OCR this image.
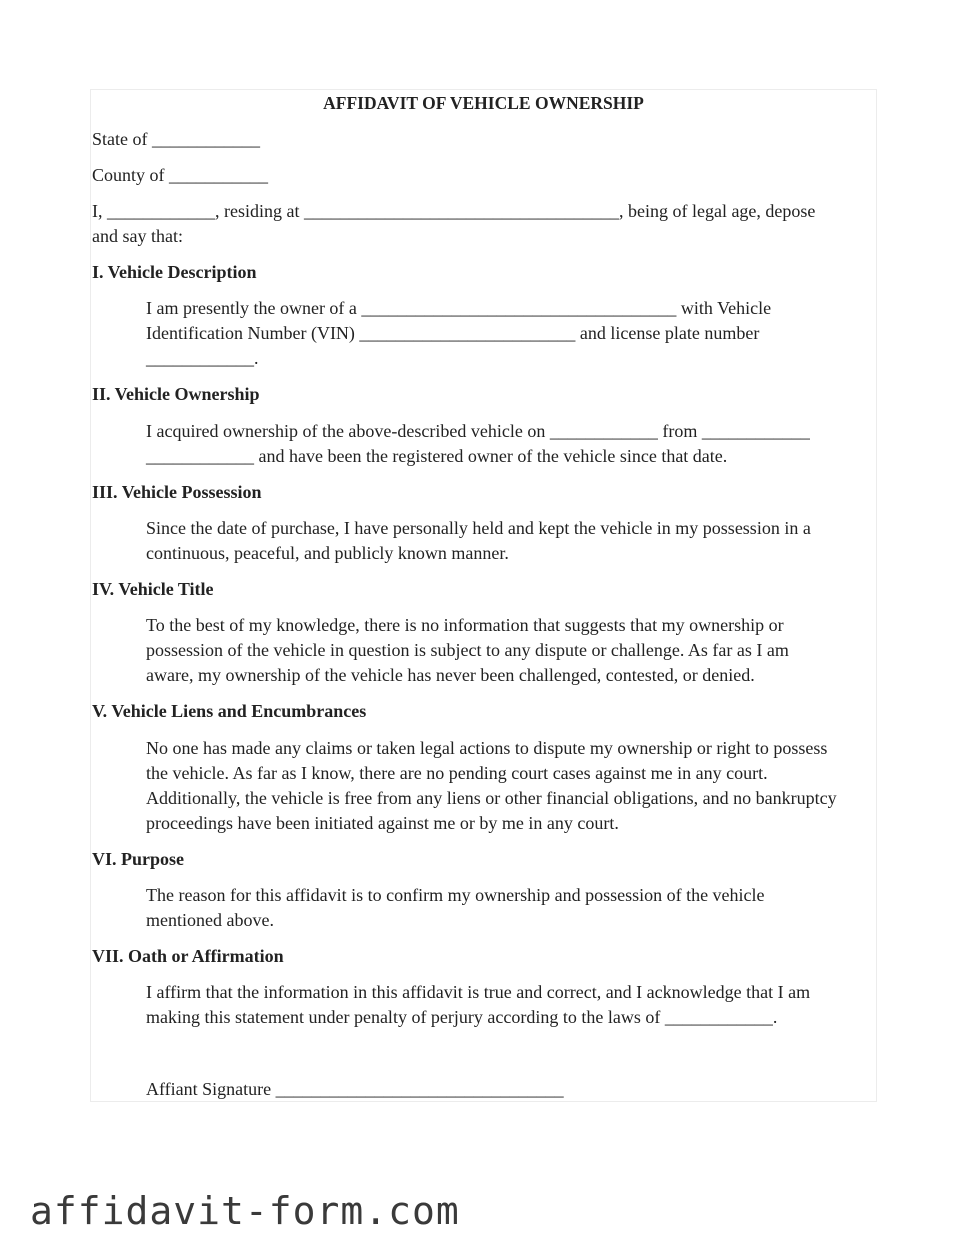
AFFIDAVIT OF VEHICLE OWNERSHIP

State of ____________

County of ___________

I, ____________, residing at ___________________________________, being of legal age, depose
and say that:
I. Vehicle Description
I am presently the owner of a ___________________________________ with Vehicle
Identification Number (VIN) ________________________ and license plate number
____________.
II. Vehicle Ownership
I acquired ownership of the above-described vehicle on ____________ from ____________
____________ and have been the registered owner of the vehicle since that date.
III. Vehicle Possession
Since the date of purchase, I have personally held and kept the vehicle in my possession in a
continuous, peaceful, and publicly known manner.
IV. Vehicle Title
To the best of my knowledge, there is no information that suggests that my ownership or
possession of the vehicle in question is subject to any dispute or challenge. As far as I am
aware, my ownership of the vehicle has never been challenged, contested, or denied.
V. Vehicle Liens and Encumbrances
No one has made any claims or taken legal actions to dispute my ownership or right to possess
the vehicle. As far as I know, there are no pending court cases against me in any court.
Additionally, the vehicle is free from any liens or other financial obligations, and no bankruptcy
proceedings have been initiated against me or by me in any court.
VI. Purpose
The reason for this affidavit is to confirm my ownership and possession of the vehicle
mentioned above.
VII. Oath or Affirmation
I affirm that the information in this affidavit is true and correct, and I acknowledge that I am
making this statement under penalty of perjury according to the laws of ____________.

Affiant Signature ________________________________

affidavit-form.com
